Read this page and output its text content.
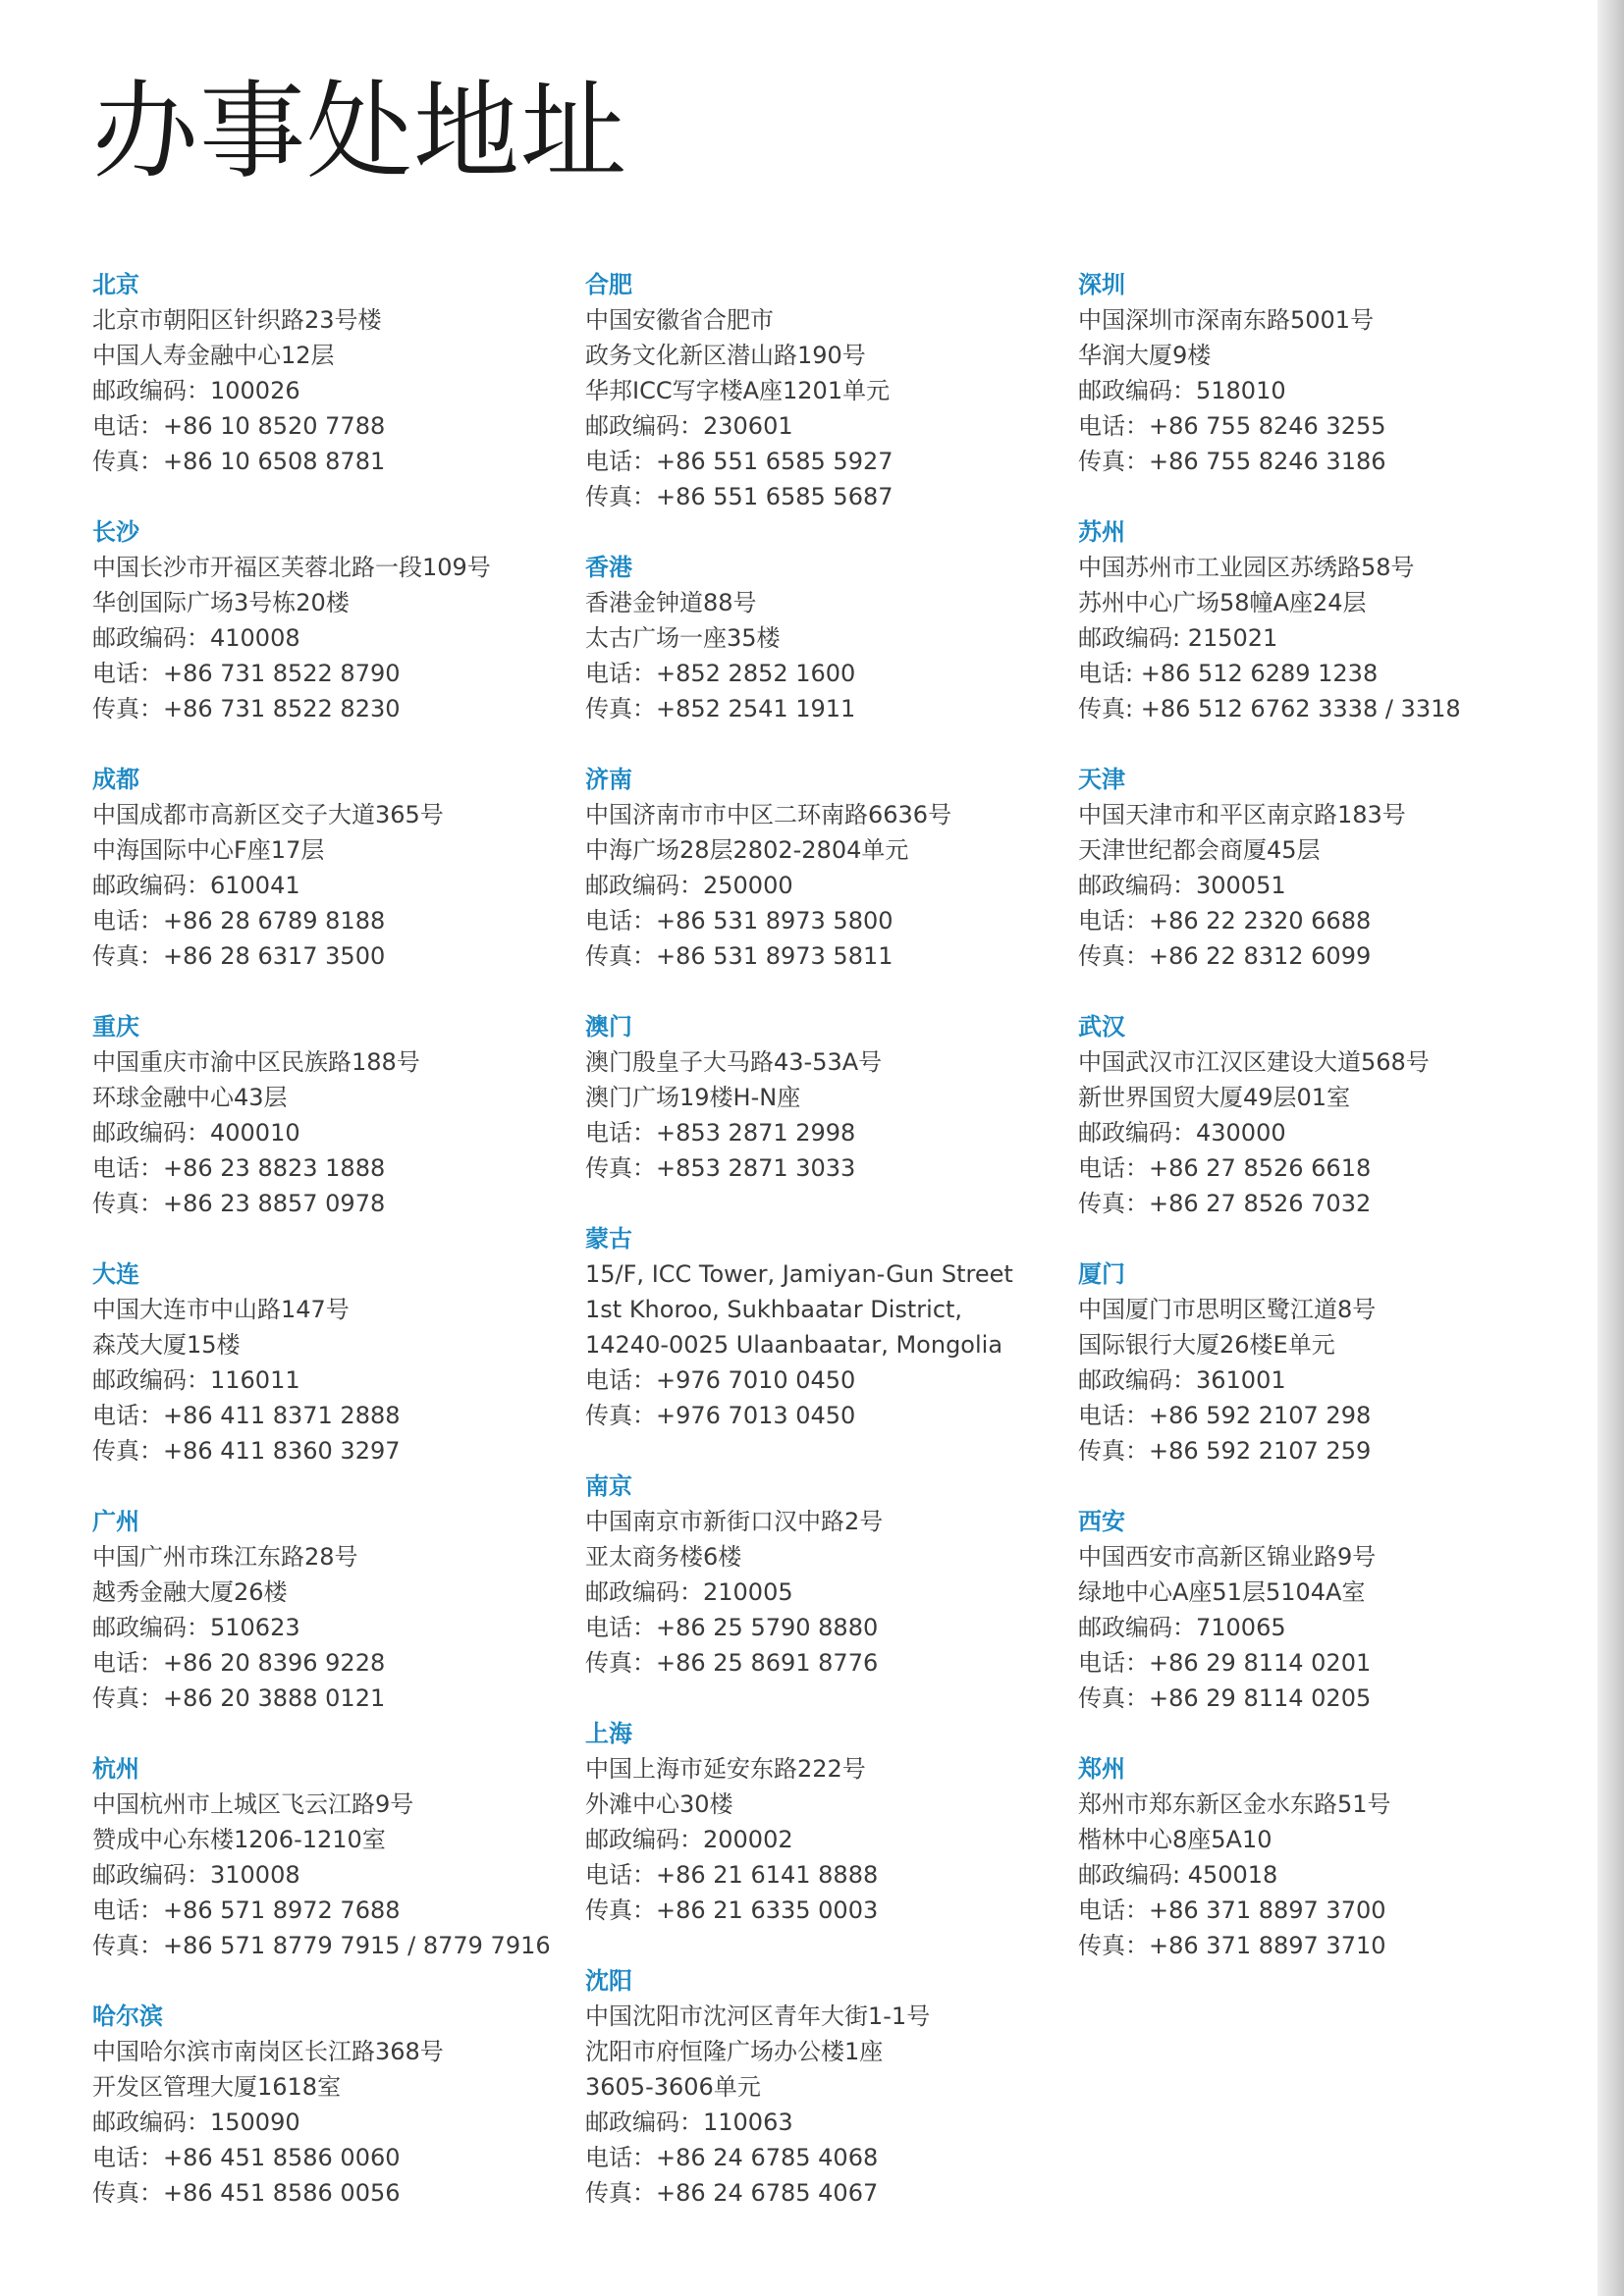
办事处地址

北京

北京市朝阳区针织路23号楼

中国人寿金融中心12层

邮政编码：100026

电话：+86 10 8520 7788

传真：+86 10 6508 8781

长沙

中国长沙市开福区芙蓉北路一段109号

华创国际广场3号栋20楼

邮政编码：410008

电话：+86 731 8522 8790

传真：+86 731 8522 8230

成都

中国成都市高新区交子大道365号

中海国际中心F座17层

邮政编码：610041

电话：+86 28 6789 8188

传真：+86 28 6317 3500

重庆

中国重庆市渝中区民族路188号

环球金融中心43层

邮政编码：400010

电话：+86 23 8823 1888

传真：+86 23 8857 0978

大连

中国大连市中山路147号

森茂大厦15楼

邮政编码：116011

电话：+86 411 8371 2888

传真：+86 411 8360 3297

广州

中国广州市珠江东路28号

越秀金融大厦26楼

邮政编码：510623

电话：+86 20 8396 9228

传真：+86 20 3888 0121

杭州

中国杭州市上城区飞云江路9号

赞成中心东楼1206-1210室

邮政编码：310008

电话：+86 571 8972 7688

传真：+86 571 8779 7915 / 8779 7916

哈尔滨

中国哈尔滨市南岗区长江路368号

开发区管理大厦1618室

邮政编码：150090

电话：+86 451 8586 0060

传真：+86 451 8586 0056

合肥

中国安徽省合肥市

政务文化新区潜山路190号

华邦ICC写字楼A座1201单元

邮政编码：230601

电话：+86 551 6585 5927

传真：+86 551 6585 5687

香港

香港金钟道88号

太古广场一座35楼

电话：+852 2852 1600

传真：+852 2541 1911

济南

中国济南市市中区二环南路6636号

中海广场28层2802-2804单元

邮政编码：250000

电话：+86 531 8973 5800

传真：+86 531 8973 5811

澳门

澳门殷皇子大马路43-53A号

澳门广场19楼H-N座

电话：+853 2871 2998

传真：+853 2871 3033

蒙古

15/F, ICC Tower, Jamiyan-Gun Street

1st Khoroo, Sukhbaatar District,

14240-0025 Ulaanbaatar, Mongolia

电话：+976 7010 0450

传真：+976 7013 0450

南京

中国南京市新街口汉中路2号

亚太商务楼6楼

邮政编码：210005

电话：+86 25 5790 8880

传真：+86 25 8691 8776

上海

中国上海市延安东路222号

外滩中心30楼

邮政编码：200002

电话：+86 21 6141 8888

传真：+86 21 6335 0003

沈阳

中国沈阳市沈河区青年大街1-1号

沈阳市府恒隆广场办公楼1座

3605-3606单元

邮政编码：110063

电话：+86 24 6785 4068

传真：+86 24 6785 4067

深圳

中国深圳市深南东路5001号

华润大厦9楼

邮政编码：518010

电话：+86 755 8246 3255

传真：+86 755 8246 3186

苏州

中国苏州市工业园区苏绣路58号

苏州中心广场58幢A座24层

邮政编码: 215021

电话: +86 512 6289 1238

传真: +86 512 6762 3338 / 3318

天津

中国天津市和平区南京路183号

天津世纪都会商厦45层

邮政编码：300051

电话：+86 22 2320 6688

传真：+86 22 8312 6099

武汉

中国武汉市江汉区建设大道568号

新世界国贸大厦49层01室

邮政编码：430000

电话：+86 27 8526 6618

传真：+86 27 8526 7032

厦门

中国厦门市思明区鹭江道8号

国际银行大厦26楼E单元

邮政编码：361001

电话：+86 592 2107 298

传真：+86 592 2107 259

西安

中国西安市高新区锦业路9号

绿地中心A座51层5104A室

邮政编码：710065

电话：+86 29 8114 0201

传真：+86 29 8114 0205

郑州

郑州市郑东新区金水东路51号

楷林中心8座5A10

邮政编码: 450018

电话：+86 371 8897 3700

传真：+86 371 8897 3710
